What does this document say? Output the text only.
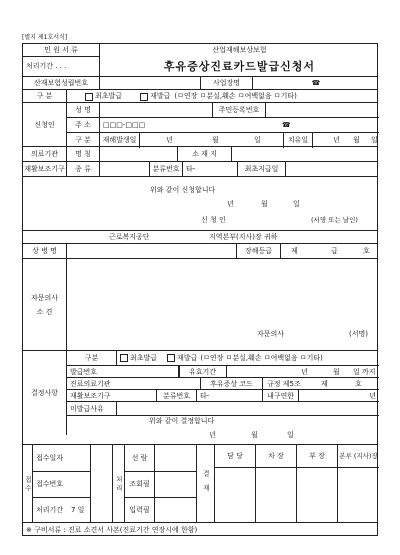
[별지 제1호서식]
민 원 서 류	산업재해보상보험
처리기간 . . .	후유증상진료카드발급신청서
산재보험성립번호	사업장명	☎
구 분	최초발급	재발급 (ㅁ연장 ㅁ분실,훼손 ㅁ여백없음 ㅁ기타)
신청인
성 명	주민등록번호
주 소	□□□-□□□	☎
구 분	재해발생일	년	월	일	치유일	년 월 일
의료기관	명 칭	소 재 지
재활보조기구	종 류	분류번호 타-	최초지급일
위와 같이 신청합니다
년	월	일
신 청 인	(서명 또는 날인)
근로복지공단	지역본부(지사)장 귀하
상 병 명	장해등급	제	급	호
자문의사
소 견
자문의사	(서명)
결정사항
구분	최초발급	재발급 (ㅁ연장 ㅁ분실,훼손 ㅁ여백없음 ㅁ기타)
발급번호	유효기간	년	월 일 까지
진료의료기관	후유증상 코드	규정 제5조	제	호
재활보조기구	분류번호	타-	내구연한	년
미발급사유
위와 같이 결정합니다
년	월	일
접수
접수일자
접수번호
처리기간 7 일
처리
선 람
조회필
입력필
결재
담 당	차 장	부 장	본부 (지사)장
※ 구비서류 : 진료 소견서 사본(진료기간 연장시에 한함)
